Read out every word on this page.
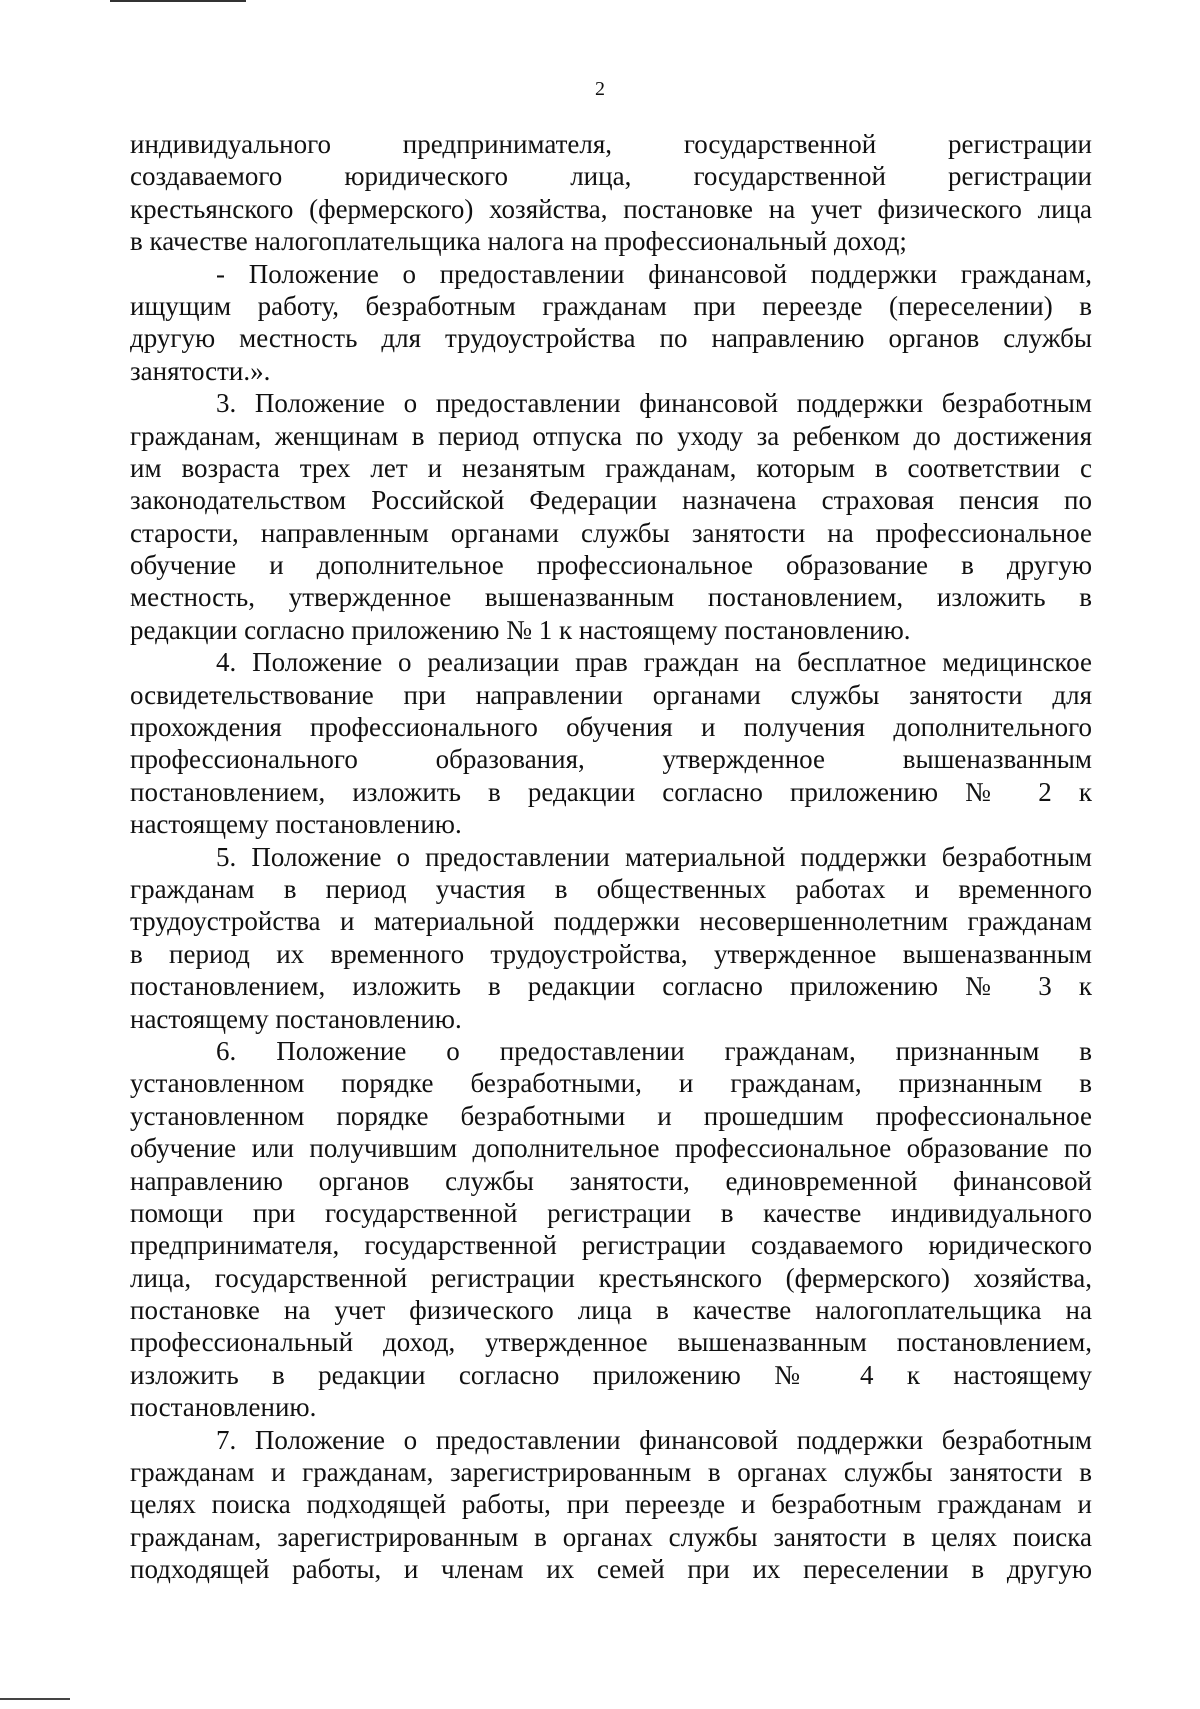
2
индивидуального предпринимателя, государственной регистрации
создаваемого юридического лица, государственной регистрации
крестьянского (фермерского) хозяйства, постановке на учет физического лица
в качестве налогоплательщика налога на профессиональный доход;
- Положение о предоставлении финансовой поддержки гражданам,
ищущим работу, безработным гражданам при переезде (переселении) в
другую местность для трудоустройства по направлению органов службы
занятости.».
3. Положение о предоставлении финансовой поддержки безработным
гражданам, женщинам в период отпуска по уходу за ребенком до достижения
им возраста трех лет и незанятым гражданам, которым в соответствии с
законодательством Российской Федерации назначена страховая пенсия по
старости, направленным органами службы занятости на профессиональное
обучение и дополнительное профессиональное образование в другую
местность, утвержденное вышеназванным постановлением, изложить в
редакции согласно приложению № 1 к настоящему постановлению.
4. Положение о реализации прав граждан на бесплатное медицинское
освидетельствование при направлении органами службы занятости для
прохождения профессионального обучения и получения дополнительного
профессионального образования, утвержденное вышеназванным
постановлением, изложить в редакции согласно приложению № 2 к
настоящему постановлению.
5. Положение о предоставлении материальной поддержки безработным
гражданам в период участия в общественных работах и временного
трудоустройства и материальной поддержки несовершеннолетним гражданам
в период их временного трудоустройства, утвержденное вышеназванным
постановлением, изложить в редакции согласно приложению № 3 к
настоящему постановлению.
6. Положение о предоставлении гражданам, признанным в
установленном порядке безработными, и гражданам, признанным в
установленном порядке безработными и прошедшим профессиональное
обучение или получившим дополнительное профессиональное образование по
направлению органов службы занятости, единовременной финансовой
помощи при государственной регистрации в качестве индивидуального
предпринимателя, государственной регистрации создаваемого юридического
лица, государственной регистрации крестьянского (фермерского) хозяйства,
постановке на учет физического лица в качестве налогоплательщика на
профессиональный доход, утвержденное вышеназванным постановлением,
изложить в редакции согласно приложению № 4 к настоящему
постановлению.
7. Положение о предоставлении финансовой поддержки безработным
гражданам и гражданам, зарегистрированным в органах службы занятости в
целях поиска подходящей работы, при переезде и безработным гражданам и
гражданам, зарегистрированным в органах службы занятости в целях поиска
подходящей работы, и членам их семей при их переселении в другую
